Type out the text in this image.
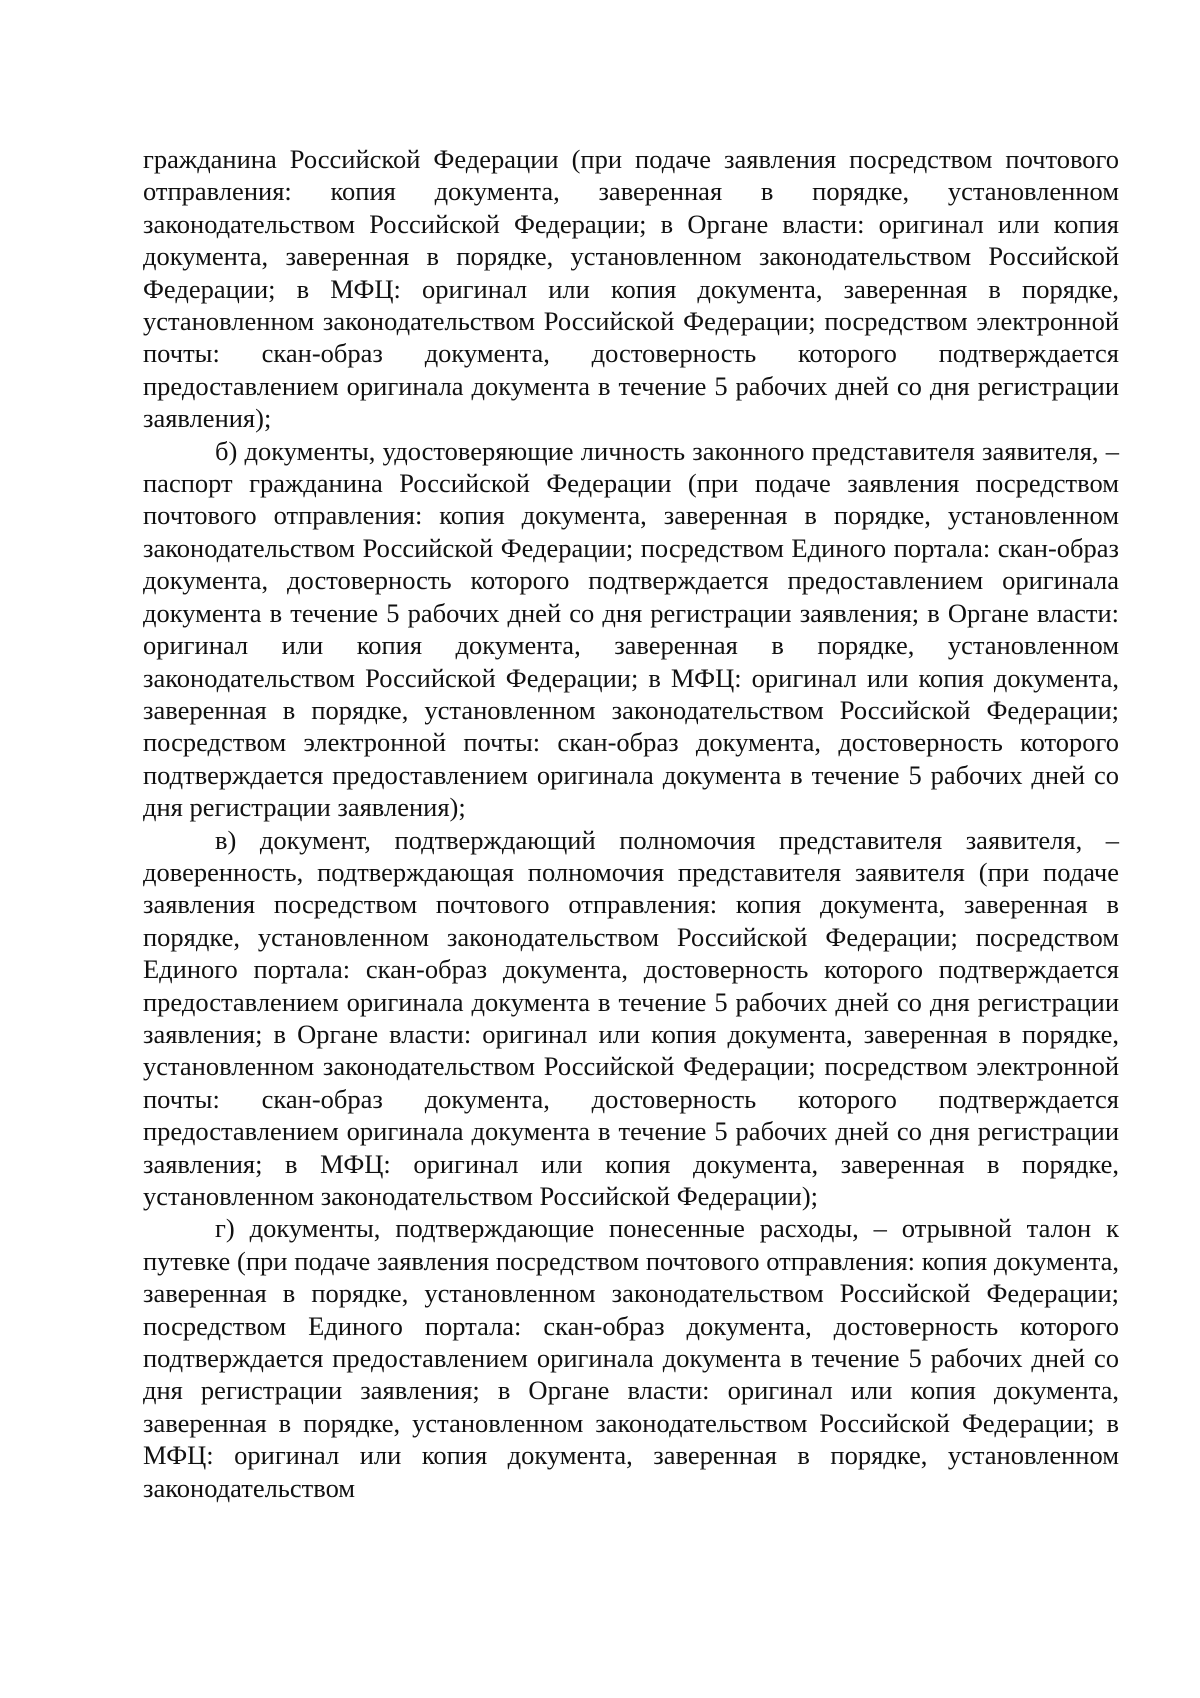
гражданина Российской Федерации (при подаче заявления посредством почтового отправления: копия документа, заверенная в порядке, установленном законодательством Российской Федерации; в Органе власти: оригинал или копия документа, заверенная в порядке, установленном законодательством Российской Федерации; в МФЦ: оригинал или копия документа, заверенная в порядке, установленном законодательством Российской Федерации; посредством электронной почты: скан-образ документа, достоверность которого подтверждается предоставлением оригинала документа в течение 5 рабочих дней со дня регистрации заявления);

б) документы, удостоверяющие личность законного представителя заявителя, – паспорт гражданина Российской Федерации (при подаче заявления посредством почтового отправления: копия документа, заверенная в порядке, установленном законодательством Российской Федерации; посредством Единого портала: скан-образ документа, достоверность которого подтверждается предоставлением оригинала документа в течение 5 рабочих дней со дня регистрации заявления; в Органе власти: оригинал или копия документа, заверенная в порядке, установленном законодательством Российской Федерации; в МФЦ: оригинал или копия документа, заверенная в порядке, установленном законодательством Российской Федерации; посредством электронной почты: скан-образ документа, достоверность которого подтверждается предоставлением оригинала документа в течение 5 рабочих дней со дня регистрации заявления);

в) документ, подтверждающий полномочия представителя заявителя, – доверенность, подтверждающая полномочия представителя заявителя (при подаче заявления посредством почтового отправления: копия документа, заверенная в порядке, установленном законодательством Российской Федерации; посредством Единого портала: скан-образ документа, достоверность которого подтверждается предоставлением оригинала документа в течение 5 рабочих дней со дня регистрации заявления; в Органе власти: оригинал или копия документа, заверенная в порядке, установленном законодательством Российской Федерации; посредством электронной почты: скан-образ документа, достоверность которого подтверждается предоставлением оригинала документа в течение 5 рабочих дней со дня регистрации заявления; в МФЦ: оригинал или копия документа, заверенная в порядке, установленном законодательством Российской Федерации);

г) документы, подтверждающие понесенные расходы, – отрывной талон к путевке (при подаче заявления посредством почтового отправления: копия документа, заверенная в порядке, установленном законодательством Российской Федерации; посредством Единого портала: скан-образ документа, достоверность которого подтверждается предоставлением оригинала документа в течение 5 рабочих дней со дня регистрации заявления; в Органе власти: оригинал или копия документа, заверенная в порядке, установленном законодательством Российской Федерации; в МФЦ: оригинал или копия документа, заверенная в порядке, установленном законодательством
